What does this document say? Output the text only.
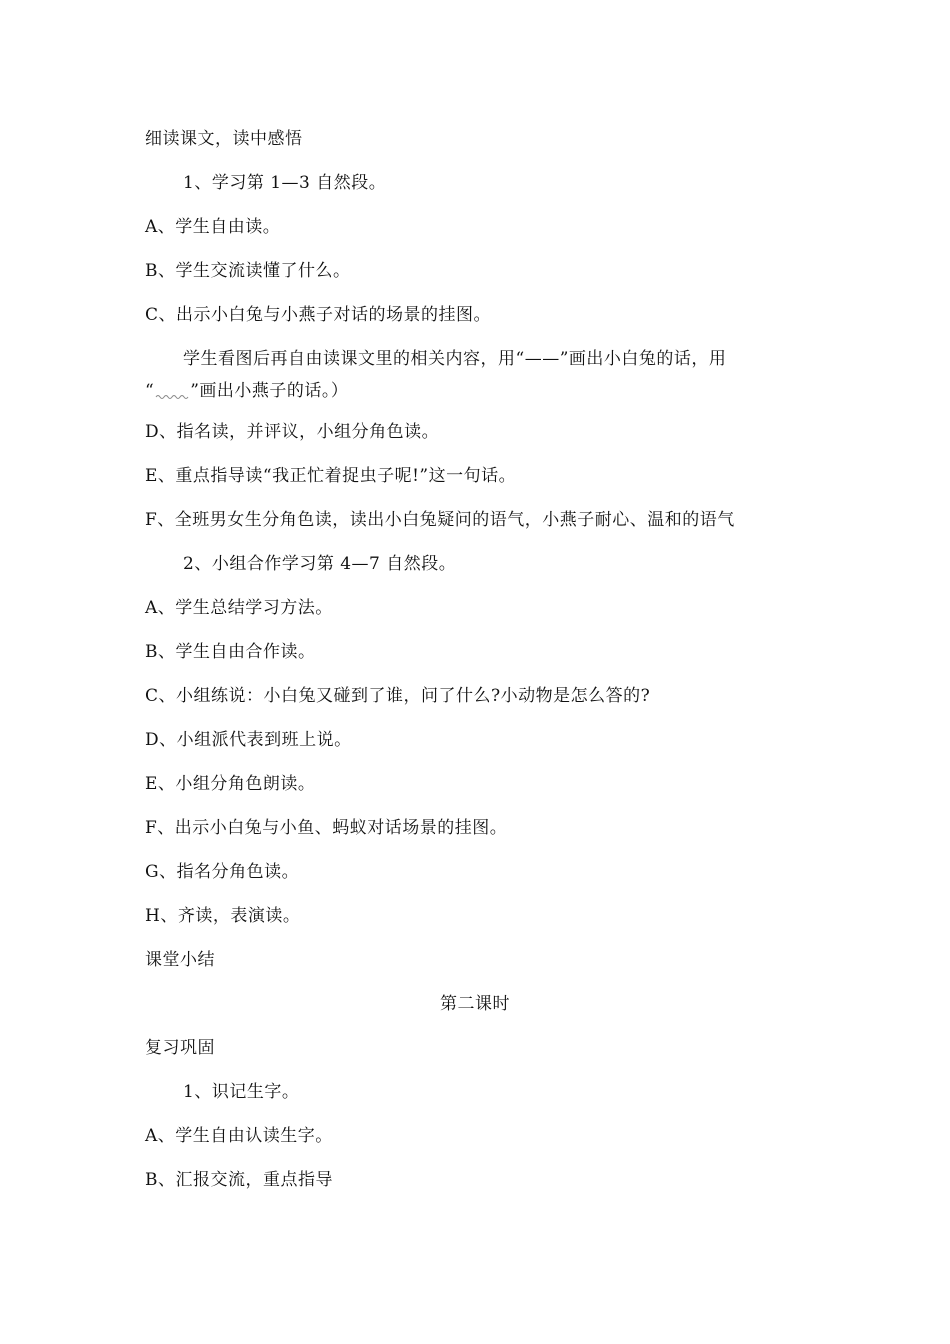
细读课文，读中感悟
1、学习第 1—3 自然段。
A、学生自由读。
B、学生交流读懂了什么。
C、出示小白兔与小燕子对话的场景的挂图。
学生看图后再自由读课文里的相关内容，用“——”画出小白兔的话，用
“ ”画出小燕子的话。）
D、指名读，并评议，小组分角色读。
E、重点指导读“我正忙着捉虫子呢!”这一句话。
F、全班男女生分角色读，读出小白兔疑问的语气，小燕子耐心、温和的语气
2、小组合作学习第 4—7 自然段。
A、学生总结学习方法。
B、学生自由合作读。
C、小组练说：小白兔又碰到了谁，问了什么?小动物是怎么答的?
D、小组派代表到班上说。
E、小组分角色朗读。
F、出示小白兔与小鱼、蚂蚁对话场景的挂图。
G、指名分角色读。
H、齐读，表演读。
课堂小结
第二课时
复习巩固
1、识记生字。
A、学生自由认读生字。
B、汇报交流，重点指导
